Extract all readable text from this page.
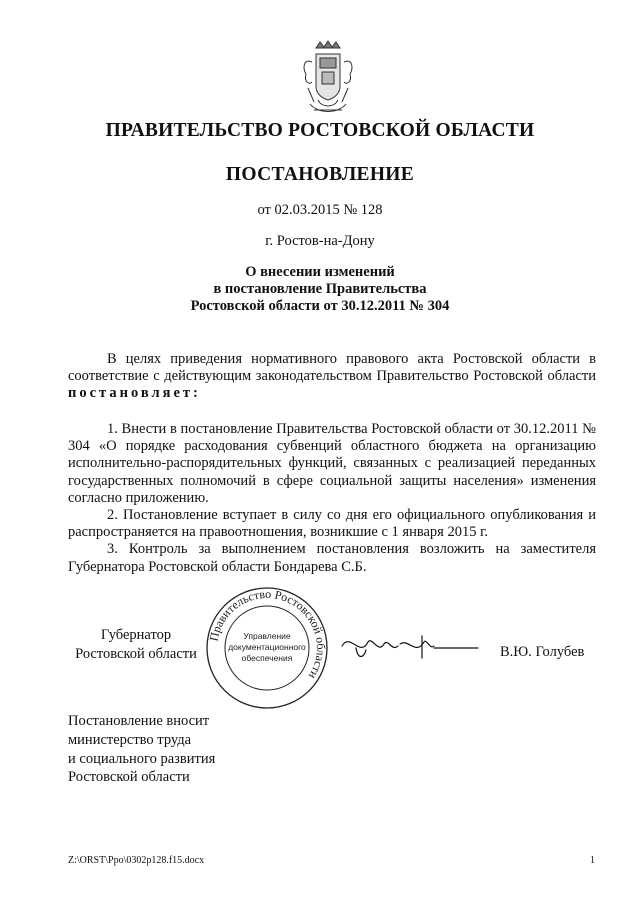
ПРАВИТЕЛЬСТВО РОСТОВСКОЙ ОБЛАСТИ
ПОСТАНОВЛЕНИЕ
от 02.03.2015 № 128
г. Ростов-на-Дону
О внесении изменений
в постановление Правительства
Ростовской области от 30.12.2011 № 304

В целях приведения нормативного правового акта Ростовской области в соответствие с действующим законодательством Правительство Ростовской области постановляет:

1. Внести в постановление Правительства Ростовской области от 30.12.2011 № 304 «О порядке расходования субвенций областного бюджета на организацию исполнительно-распорядительных функций, связанных с реализацией переданных государственных полномочий в сфере социальной защиты населения» изменения согласно приложению.

2. Постановление вступает в силу со дня его официального опубликования и распространяется на правоотношения, возникшие с 1 января 2015 г.

3. Контроль за выполнением постановления возложить на заместителя Губернатора Ростовской области Бондарева С.Б.

Губернатор
Ростовской области
Правительство Ростовской области
Управление
документационного
обеспечения	В.Ю. Голубев
Постановление вносит
министерство труда
и социального развития
Ростовской области
Z:\ORST\Ppo\0302p128.f15.docx	1
